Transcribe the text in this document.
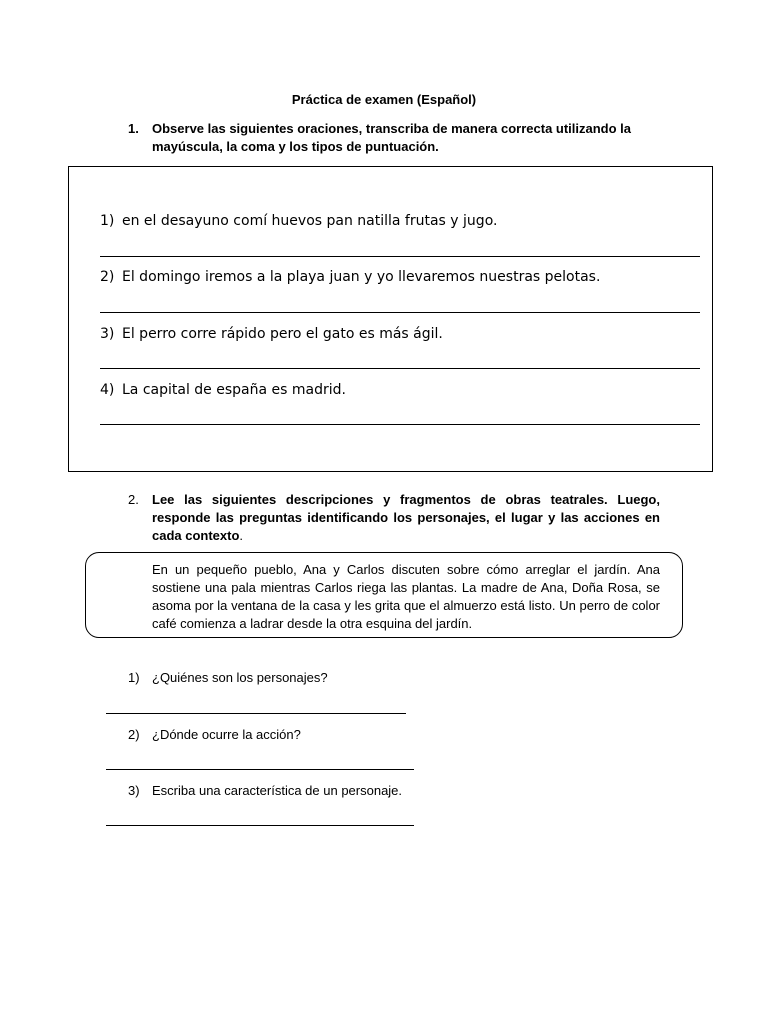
Práctica de examen (Español)
1. Observe las siguientes oraciones, transcriba de manera correcta utilizando la mayúscula, la coma y los tipos de puntuación.
1) en el desayuno comí huevos pan natilla frutas y jugo.
2) El domingo iremos a la playa juan y yo llevaremos nuestras pelotas.
3) El perro corre rápido pero el gato es más ágil.
4) La capital de españa es madrid.
2. Lee las siguientes descripciones y fragmentos de obras teatrales. Luego, responde las preguntas identificando los personajes, el lugar y las acciones en cada contexto.
En un pequeño pueblo, Ana y Carlos discuten sobre cómo arreglar el jardín. Ana sostiene una pala mientras Carlos riega las plantas. La madre de Ana, Doña Rosa, se asoma por la ventana de la casa y les grita que el almuerzo está listo. Un perro de color café comienza a ladrar desde la otra esquina del jardín.
1) ¿Quiénes son los personajes?
2) ¿Dónde ocurre la acción?
3) Escriba una característica de un personaje.
